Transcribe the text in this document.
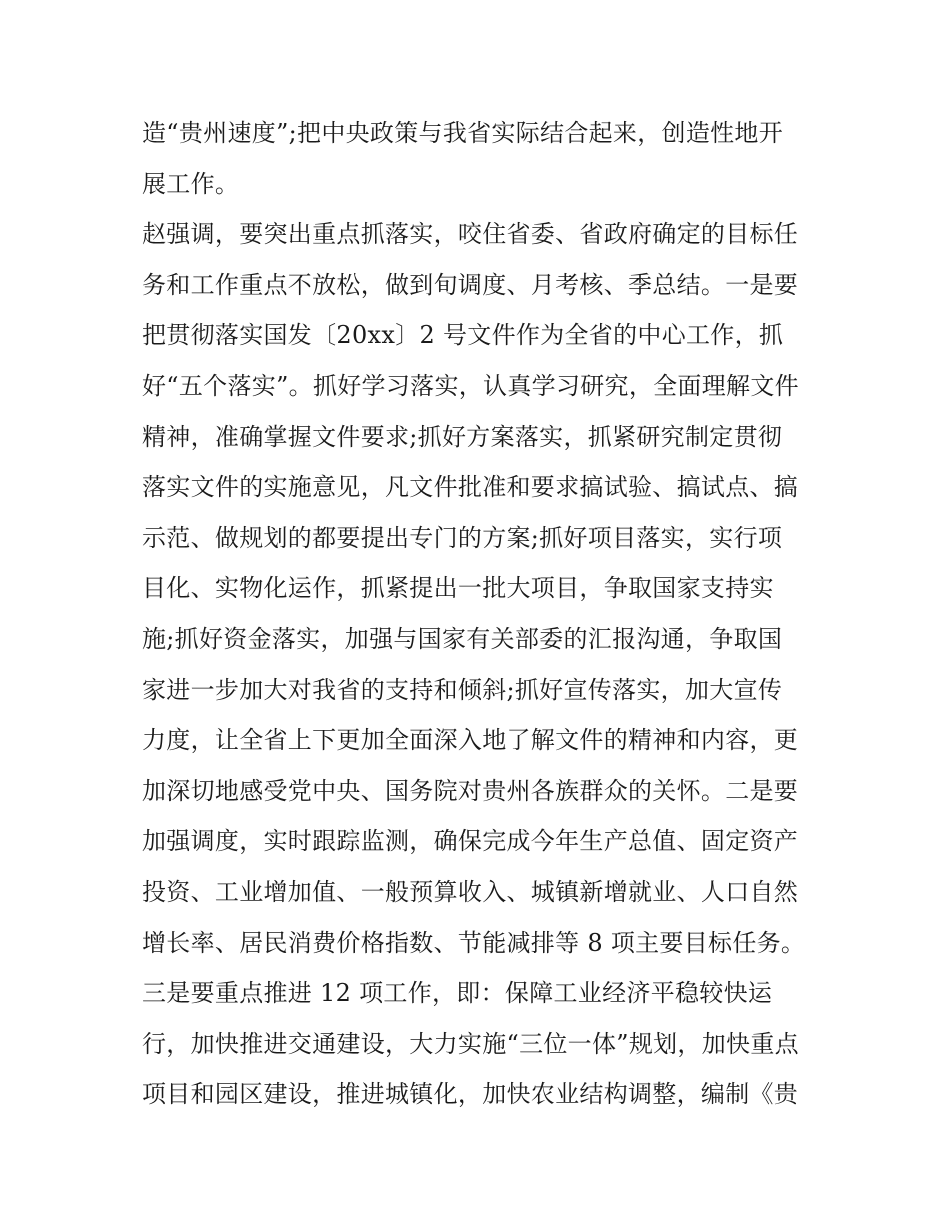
造“贵州速度”;把中央政策与我省实际结合起来，创造性地开
展工作。
赵强调，要突出重点抓落实，咬住省委、省政府确定的目标任
务和工作重点不放松，做到旬调度、月考核、季总结。一是要
把贯彻落实国发〔20xx〕2 号文件作为全省的中心工作，抓
好“五个落实”。抓好学习落实，认真学习研究，全面理解文件
精神，准确掌握文件要求;抓好方案落实，抓紧研究制定贯彻
落实文件的实施意见，凡文件批准和要求搞试验、搞试点、搞
示范、做规划的都要提出专门的方案;抓好项目落实，实行项
目化、实物化运作，抓紧提出一批大项目，争取国家支持实
施;抓好资金落实，加强与国家有关部委的汇报沟通，争取国
家进一步加大对我省的支持和倾斜;抓好宣传落实，加大宣传
力度，让全省上下更加全面深入地了解文件的精神和内容，更
加深切地感受党中央、国务院对贵州各族群众的关怀。二是要
加强调度，实时跟踪监测，确保完成今年生产总值、固定资产
投资、工业增加值、一般预算收入、城镇新增就业、人口自然
增长率、居民消费价格指数、节能减排等 8 项主要目标任务。
三是要重点推进 12 项工作，即：保障工业经济平稳较快运
行，加快推进交通建设，大力实施“三位一体”规划，加快重点
项目和园区建设，推进城镇化，加快农业结构调整，编制《贵
